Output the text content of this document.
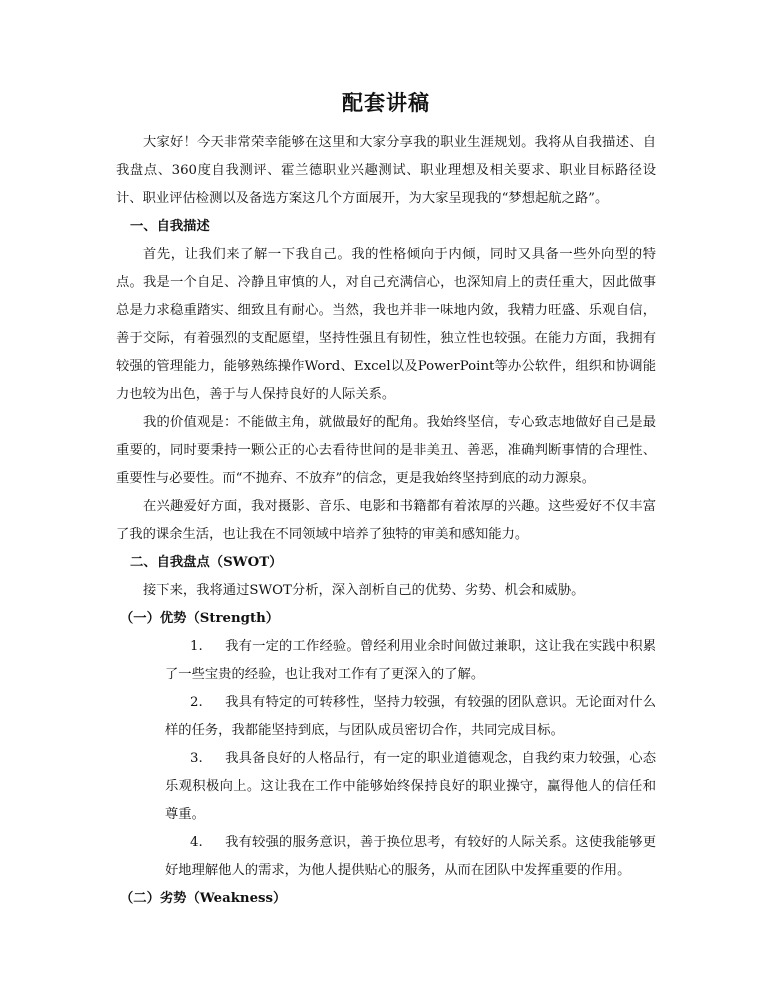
配套讲稿

大家好！今天非常荣幸能够在这里和大家分享我的职业生涯规划。我将从自我描述、自我盘点、360度自我测评、霍兰德职业兴趣测试、职业理想及相关要求、职业目标路径设计、职业评估检测以及备选方案这几个方面展开，为大家呈现我的“梦想起航之路”。

一、自我描述

首先，让我们来了解一下我自己。我的性格倾向于内倾，同时又具备一些外向型的特点。我是一个自足、冷静且审慎的人，对自己充满信心，也深知肩上的责任重大，因此做事总是力求稳重踏实、细致且有耐心。当然，我也并非一味地内敛，我精力旺盛、乐观自信，善于交际，有着强烈的支配愿望，坚持性强且有韧性，独立性也较强。在能力方面，我拥有较强的管理能力，能够熟练操作Word、Excel以及PowerPoint等办公软件，组织和协调能力也较为出色，善于与人保持良好的人际关系。

我的价值观是：不能做主角，就做最好的配角。我始终坚信，专心致志地做好自己是最重要的，同时要秉持一颗公正的心去看待世间的是非美丑、善恶，准确判断事情的合理性、重要性与必要性。而“不抛弃、不放弃”的信念，更是我始终坚持到底的动力源泉。

在兴趣爱好方面，我对摄影、音乐、电影和书籍都有着浓厚的兴趣。这些爱好不仅丰富了我的课余生活，也让我在不同领域中培养了独特的审美和感知能力。

二、自我盘点（SWOT）

接下来，我将通过SWOT分析，深入剖析自己的优势、劣势、机会和威胁。

（一）优势（Strength）

1. 我有一定的工作经验。曾经利用业余时间做过兼职，这让我在实践中积累了一些宝贵的经验，也让我对工作有了更深入的了解。
2. 我具有特定的可转移性，坚持力较强，有较强的团队意识。无论面对什么样的任务，我都能坚持到底，与团队成员密切合作，共同完成目标。
3. 我具备良好的人格品行，有一定的职业道德观念，自我约束力较强，心态乐观积极向上。这让我在工作中能够始终保持良好的职业操守，赢得他人的信任和尊重。
4. 我有较强的服务意识，善于换位思考，有较好的人际关系。这使我能够更好地理解他人的需求，为他人提供贴心的服务，从而在团队中发挥重要的作用。

（二）劣势（Weakness）
